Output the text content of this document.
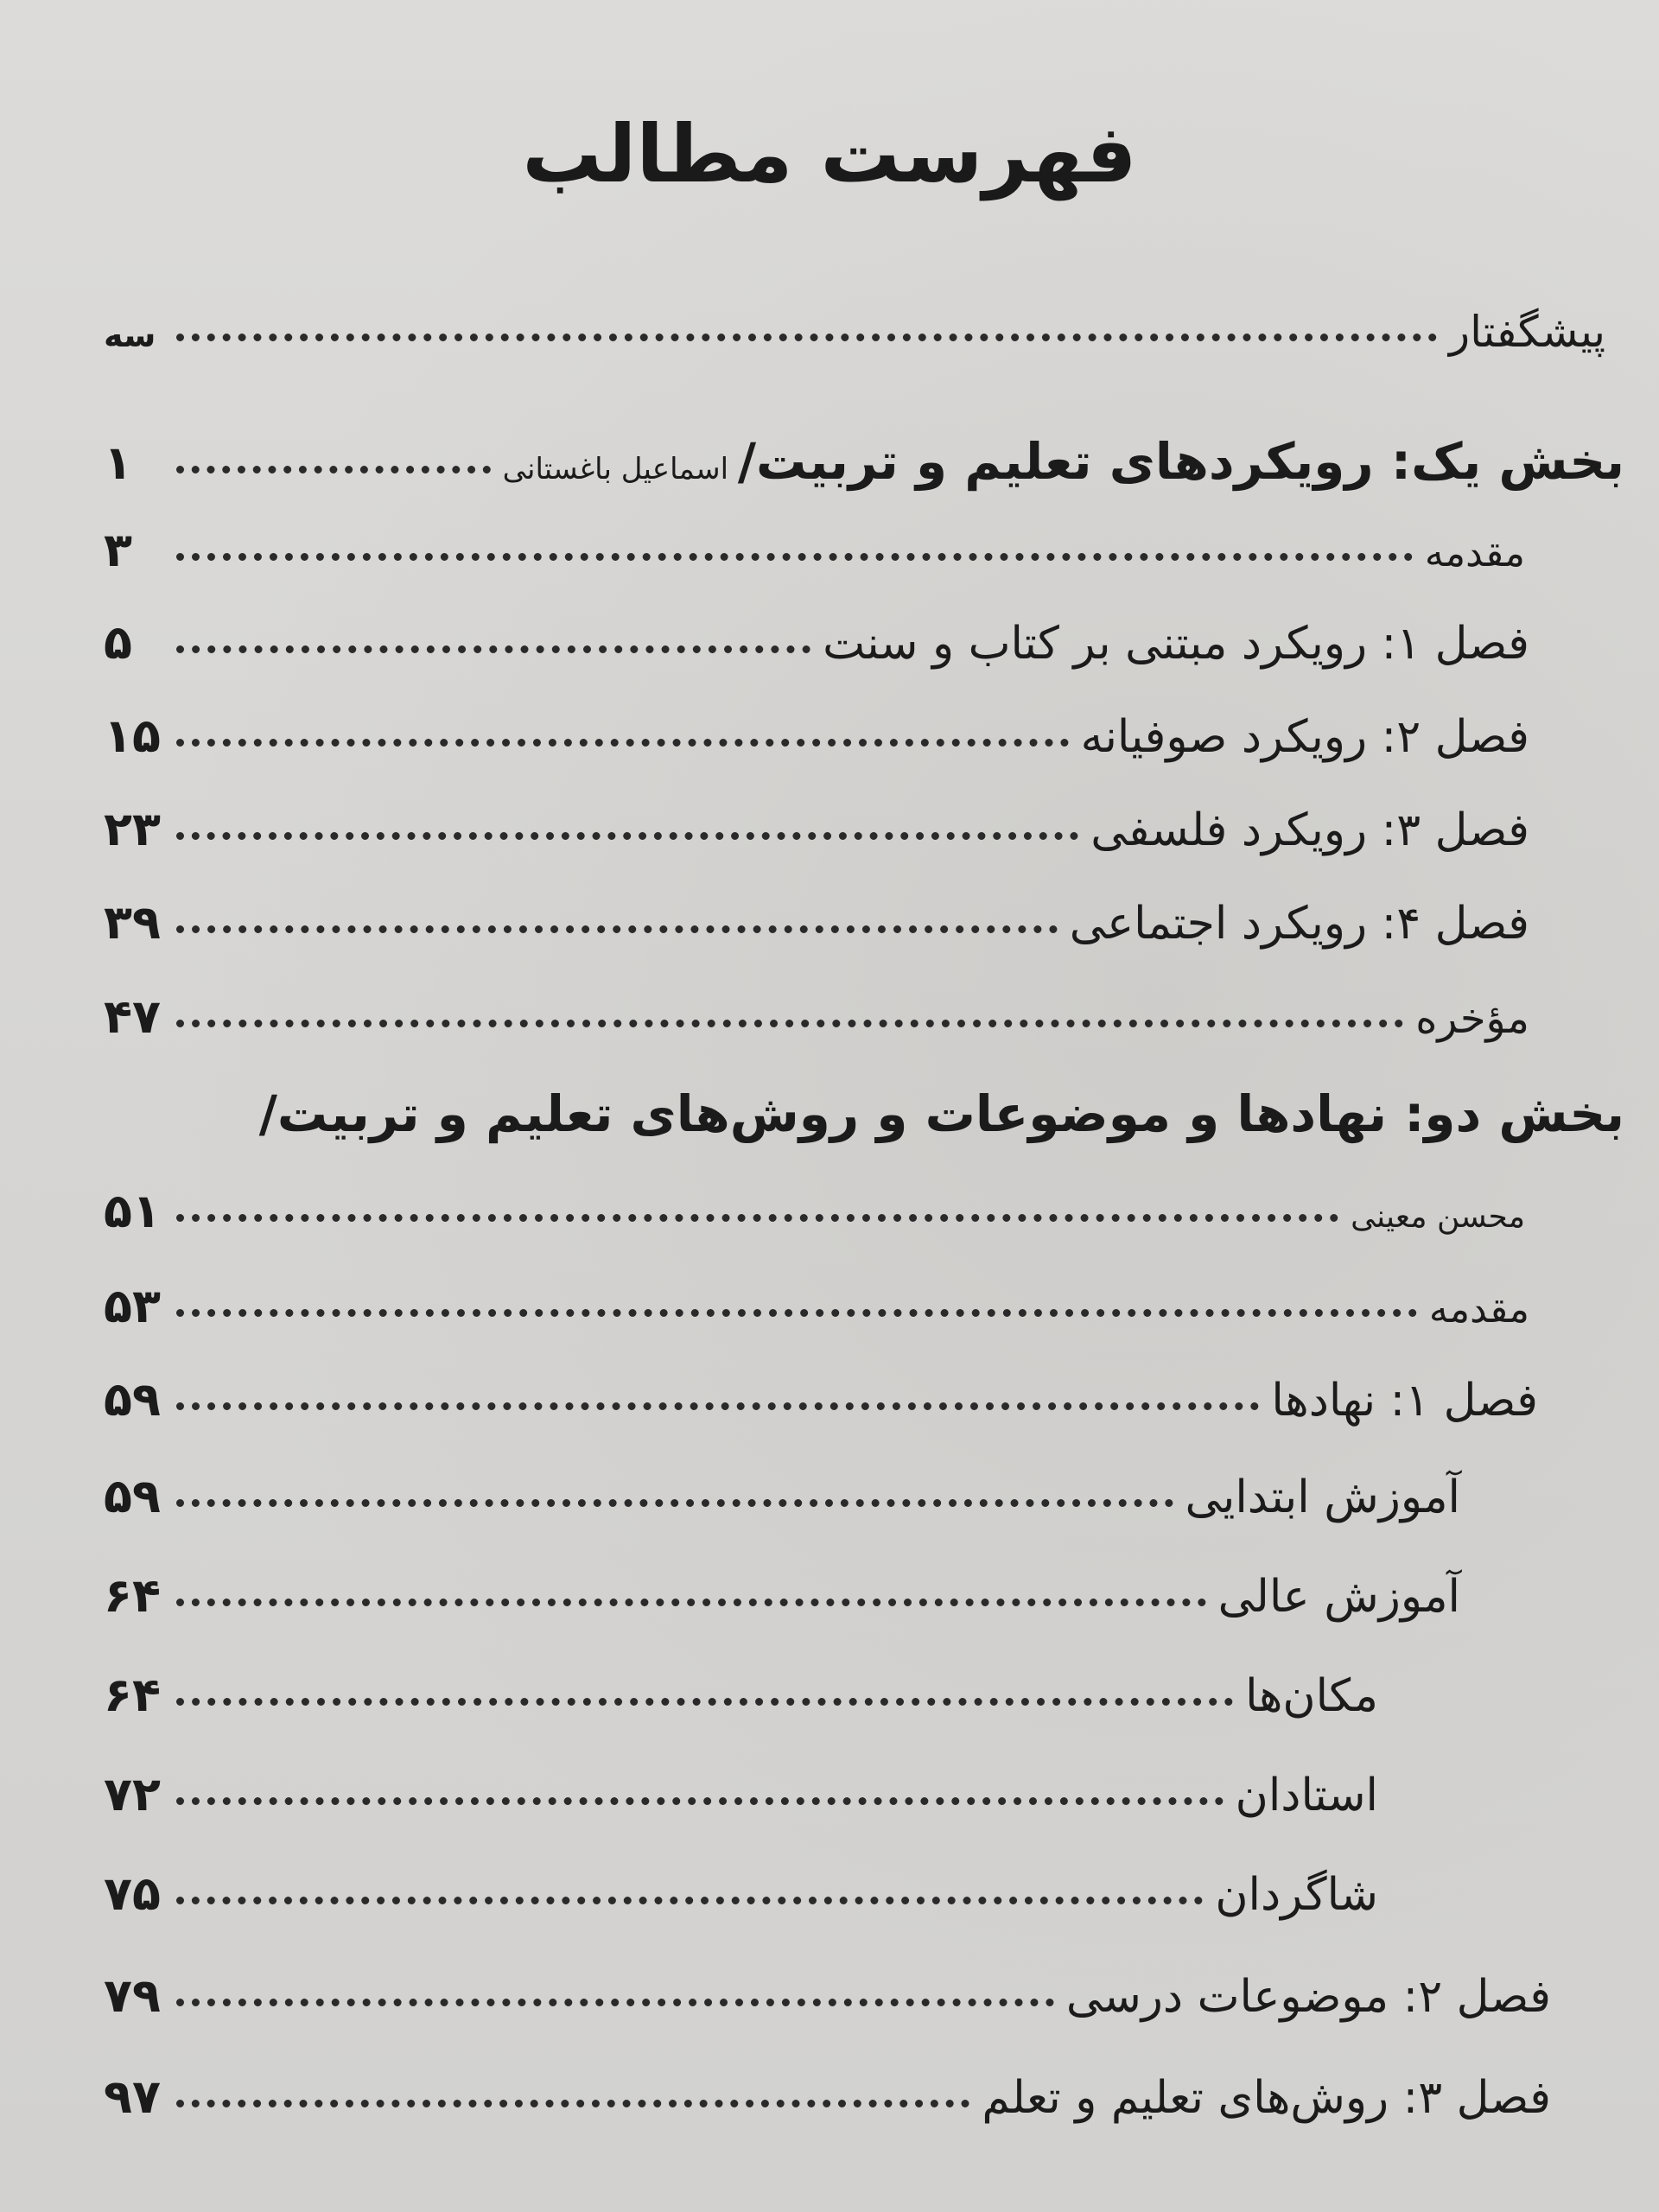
فهرست مطالب
پیشگفتار
سه
بخش یک: رویکردهای تعلیم و تربیت/ اسماعیل باغستانی
۱
مقدمه
۳
فصل ۱: رویکرد مبتنی بر کتاب و سنت
۵
فصل ۲: رویکرد صوفیانه
۱۵
فصل ۳: رویکرد فلسفی
۲۳
فصل ۴: رویکرد اجتماعی
۳۹
مؤخره
۴۷
بخش دو: نهادها و موضوعات و روش‌های تعلیم و تربیت/
محسن معینی
۵۱
مقدمه
۵۳
فصل ۱: نهادها
۵۹
آموزش ابتدایی
۵۹
آموزش عالی
۶۴
مکان‌ها
۶۴
استادان
۷۲
شاگردان
۷۵
فصل ۲: موضوعات درسی
۷۹
فصل ۳: روش‌های تعلیم و تعلم
۹۷
